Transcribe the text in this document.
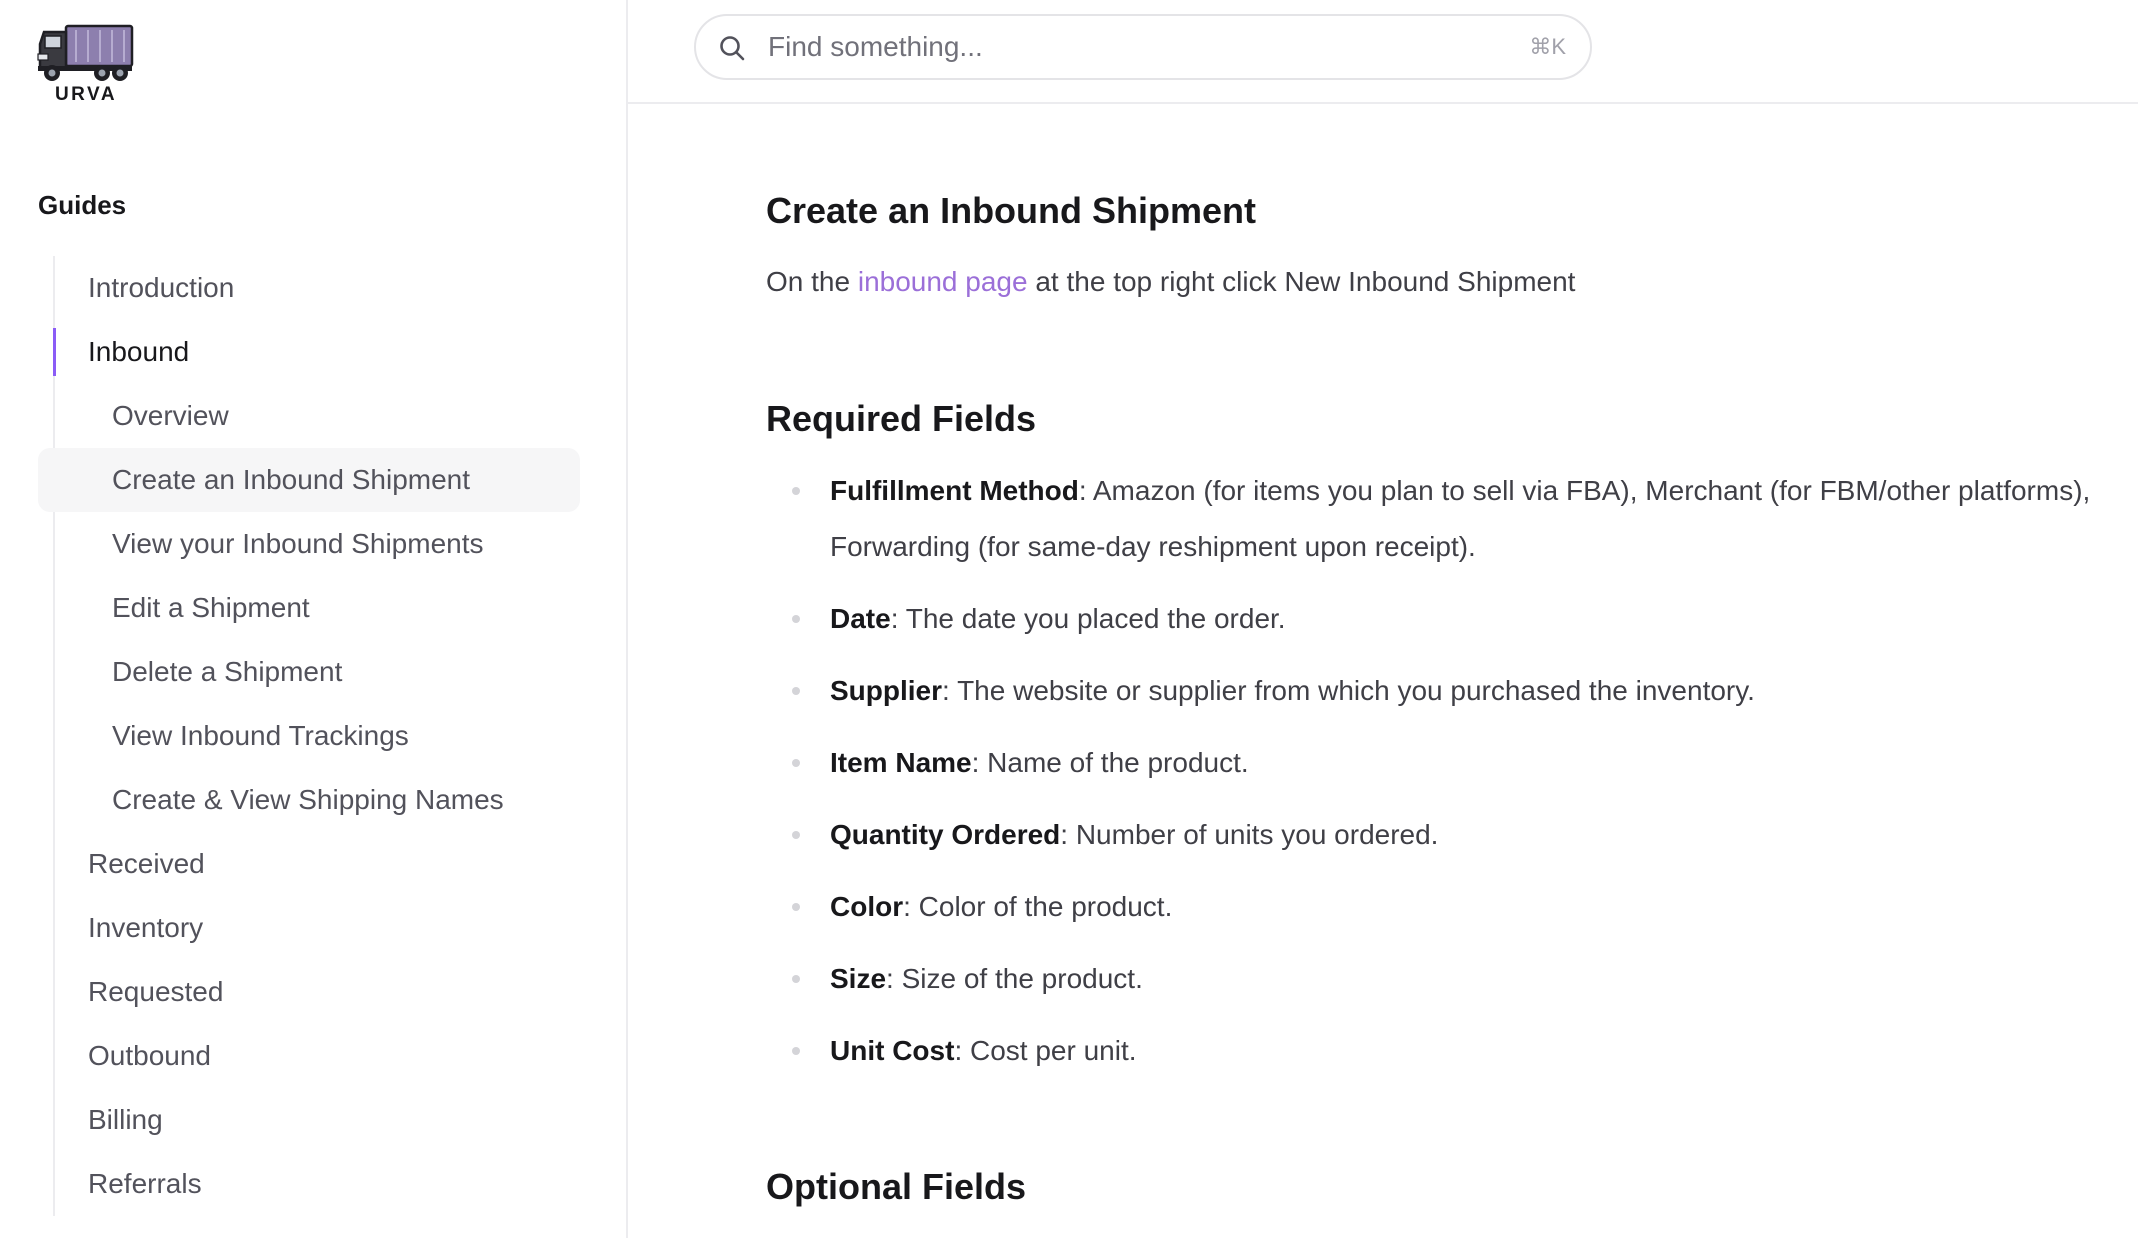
URVA
Guides
Introduction
Inbound
Overview
Create an Inbound Shipment
View your Inbound Shipments
Edit a Shipment
Delete a Shipment
View Inbound Trackings
Create & View Shipping Names
Received
Inventory
Requested
Outbound
Billing
Referrals
Find something...	⌘K
Create an Inbound Shipment

On the inbound page at the top right click New Inbound Shipment

Required Fields
Fulfillment Method: Amazon (for items you plan to sell via FBA), Merchant (for FBM/other platforms),
Forwarding (for same-day reshipment upon receipt).
Date: The date you placed the order.
Supplier: The website or supplier from which you purchased the inventory.
Item Name: Name of the product.
Quantity Ordered: Number of units you ordered.
Color: Color of the product.
Size: Size of the product.
Unit Cost: Cost per unit.
Optional Fields
